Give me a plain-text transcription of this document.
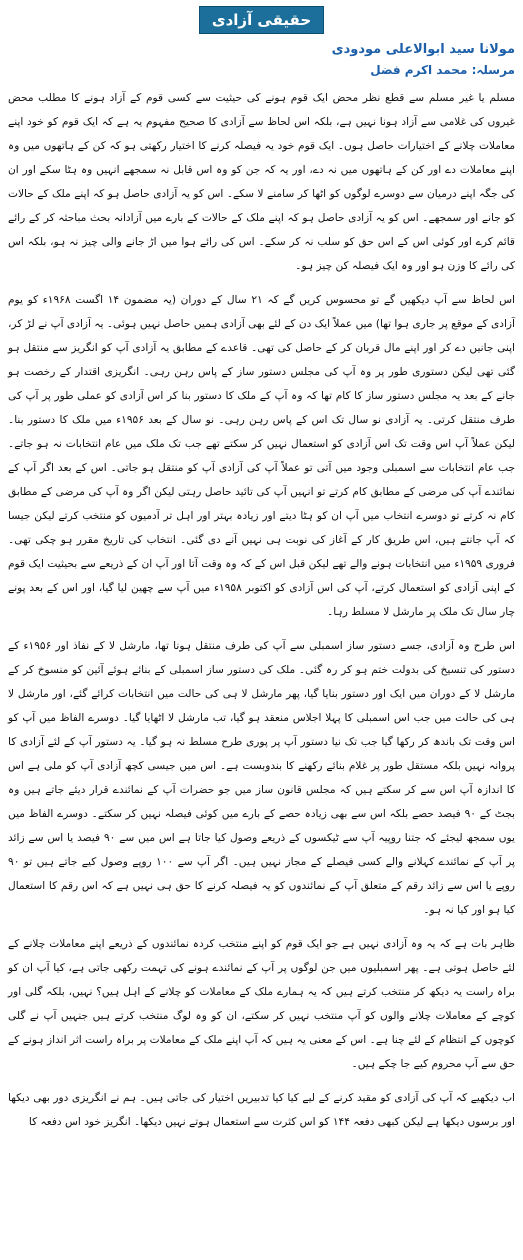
حقیقی آزادی
مولانا سید ابوالاعلی مودودی
مرسلہ: محمد اکرم فضل

مسلم یا غیر مسلم سے قطع نظر محض ایک قوم ہونے کی حیثیت سے کسی قوم کے آزاد ہونے کا مطلب محض غیروں کی غلامی سے آزاد ہونا نہیں ہے، بلکہ اس لحاظ سے آزادی کا صحیح مفہوم یہ ہے کہ ایک قوم کو خود اپنے معاملات چلانے کے اختیارات حاصل ہوں۔ ایک قوم خود یہ فیصلہ کرنے کا اختیار رکھتی ہو کہ کن کے ہاتھوں میں وہ اپنے معاملات دے اور کن کے ہاتھوں میں نہ دے، اور یہ کہ جن کو وہ اس قابل نہ سمجھے انہیں وہ ہٹا سکے اور ان کی جگہ اپنے درمیان سے دوسرے لوگوں کو اٹھا کر سامنے لا سکے۔ اس کو یہ آزادی حاصل ہو کہ اپنے ملک کے حالات کو جانے اور سمجھے۔ اس کو یہ آزادی حاصل ہو کہ اپنے ملک کے حالات کے بارے میں آزادانہ بحث مباحثہ کر کے رائے قائم کرے اور کوئی اس کے اس حق کو سلب نہ کر سکے۔ اس کی رائے ہوا میں اڑ جانے والی چیز نہ ہو، بلکہ اس کی رائے کا وزن ہو اور وہ ایک فیصلہ کن چیز ہو۔

اس لحاظ سے آپ دیکھیں گے تو محسوس کریں گے کہ ۲۱ سال کے دوران (یہ مضمون ۱۴ اگست ۱۹۶۸ء کو یوم آزادی کے موقع پر جاری ہوا تھا) میں عملاً ایک دن کے لئے بھی آزادی ہمیں حاصل نہیں ہوئی۔ یہ آزادی آپ نے لڑ کر، اپنی جانیں دے کر اور اپنے مال قربان کر کے حاصل کی تھی۔ قاعدے کے مطابق یہ آزادی آپ کو انگریز سے منتقل ہو گئی تھی لیکن دستوری طور پر وہ آپ کی مجلس دستور ساز کے پاس رہن رہی۔ انگریزی اقتدار کے رخصت ہو جانے کے بعد یہ مجلس دستور ساز کا کام تھا کہ وہ آپ کے ملک کا دستور بنا کر اس آزادی کو عملی طور پر آپ کی طرف منتقل کرتی۔ یہ آزادی نو سال تک اس کے پاس رہن رہی۔ نو سال کے بعد ۱۹۵۶ء میں ملک کا دستور بنا۔ لیکن عملاً آپ اس وقت تک اس آزادی کو استعمال نہیں کر سکتے تھے جب تک ملک میں عام انتخابات نہ ہو جاتے۔ جب عام انتخابات سے اسمبلی وجود میں آتی تو عملاً آپ کی آزادی آپ کو منتقل ہو جاتی۔ اس کے بعد اگر آپ کے نمائندے آپ کی مرضی کے مطابق کام کرتے تو انہیں آپ کی تائید حاصل رہتی لیکن اگر وہ آپ کی مرضی کے مطابق کام نہ کرتے تو دوسرے انتخاب میں آپ ان کو ہٹا دیتے اور زیادہ بہتر اور اہل تر آدمیوں کو منتخب کرتے لیکن جیسا کہ آپ جانتے ہیں، اس طریق کار کے آغاز کی نوبت ہی نہیں آنے دی گئی۔ انتخاب کی تاریخ مقرر ہو چکی تھی۔ فروری ۱۹۵۹ء میں انتخابات ہونے والے تھے لیکن قبل اس کے کہ وہ وقت آتا اور آپ ان کے ذریعے سے بحیثیت ایک قوم کے اپنی آزادی کو استعمال کرتے، آپ کی اس آزادی کو اکتوبر ۱۹۵۸ء میں آپ سے چھین لیا گیا، اور اس کے بعد پونے چار سال تک ملک پر مارشل لا مسلط رہا۔

اس طرح وہ آزادی، جسے دستور ساز اسمبلی سے آپ کی طرف منتقل ہونا تھا، مارشل لا کے نفاذ اور ۱۹۵۶ء کے دستور کی تنسیخ کی بدولت ختم ہو کر رہ گئی۔ ملک کی دستور ساز اسمبلی کے بنائے ہوئے آئین کو منسوخ کر کے مارشل لا کے دوران میں ایک اور دستور بنایا گیا، پھر مارشل لا ہی کی حالت میں انتخابات کرائے گئے، اور مارشل لا ہی کی حالت میں جب اس اسمبلی کا پہلا اجلاس منعقد ہو گیا، تب مارشل لا اٹھایا گیا۔ دوسرے الفاظ میں آپ کو اس وقت تک باندھ کر رکھا گیا جب تک نیا دستور آپ پر پوری طرح مسلط نہ ہو گیا۔ یہ دستور آپ کے لئے آزادی کا پروانہ نہیں بلکہ مستقل طور پر غلام بنائے رکھنے کا بندوبست ہے۔ اس میں جیسی کچھ آزادی آپ کو ملی ہے اس کا اندازہ آپ اس سے کر سکتے ہیں کہ مجلس قانون ساز میں جو حضرات آپ کے نمائندے قرار دیئے جاتے ہیں وہ بجٹ کے ۹۰ فیصد حصے بلکہ اس سے بھی زیادہ حصے کے بارے میں کوئی فیصلہ نہیں کر سکتے۔ دوسرے الفاظ میں یوں سمجھ لیجئے کہ جتنا روپیہ آپ سے ٹیکسوں کے ذریعے وصول کیا جاتا ہے اس میں سے ۹۰ فیصد یا اس سے زائد پر آپ کے نمائندے کہلانے والے کسی فیصلے کے مجاز نہیں ہیں۔ اگر آپ سے ۱۰۰ روپے وصول کیے جاتے ہیں تو ۹۰ روپے یا اس سے زائد رقم کے متعلق آپ کے نمائندوں کو یہ فیصلہ کرنے کا حق ہی نہیں ہے کہ اس رقم کا استعمال کیا ہو اور کیا نہ ہو۔

ظاہر بات ہے کہ یہ وہ آزادی نہیں ہے جو ایک قوم کو اپنے منتخب کردہ نمائندوں کے ذریعے اپنے معاملات چلانے کے لئے حاصل ہوتی ہے۔ پھر اسمبلیوں میں جن لوگوں پر آپ کے نمائندے ہونے کی تہمت رکھی جاتی ہے، کیا آپ ان کو براہ راست یہ دیکھ کر منتخب کرتے ہیں کہ یہ ہمارے ملک کے معاملات کو چلانے کے اہل ہیں؟ نہیں، بلکہ گلی اور کوچے کے معاملات چلانے والوں کو آپ منتخب نہیں کر سکتے، ان کو وہ لوگ منتخب کرتے ہیں جنہیں آپ نے گلی کوچوں کے انتظام کے لئے چنا ہے۔ اس کے معنی یہ ہیں کہ آپ اپنے ملک کے معاملات پر براہ راست اثر انداز ہونے کے حق سے آپ محروم کیے جا چکے ہیں۔

اب دیکھیے کہ آپ کی آزادی کو مقید کرنے کے لیے کیا کیا تدبیریں اختیار کی جاتی ہیں۔ ہم نے انگریزی دور بھی دیکھا اور برسوں دیکھا ہے لیکن کبھی دفعہ ۱۴۴ کو اس کثرت سے استعمال ہوتے نہیں دیکھا۔ انگریز خود اس دفعہ کا
